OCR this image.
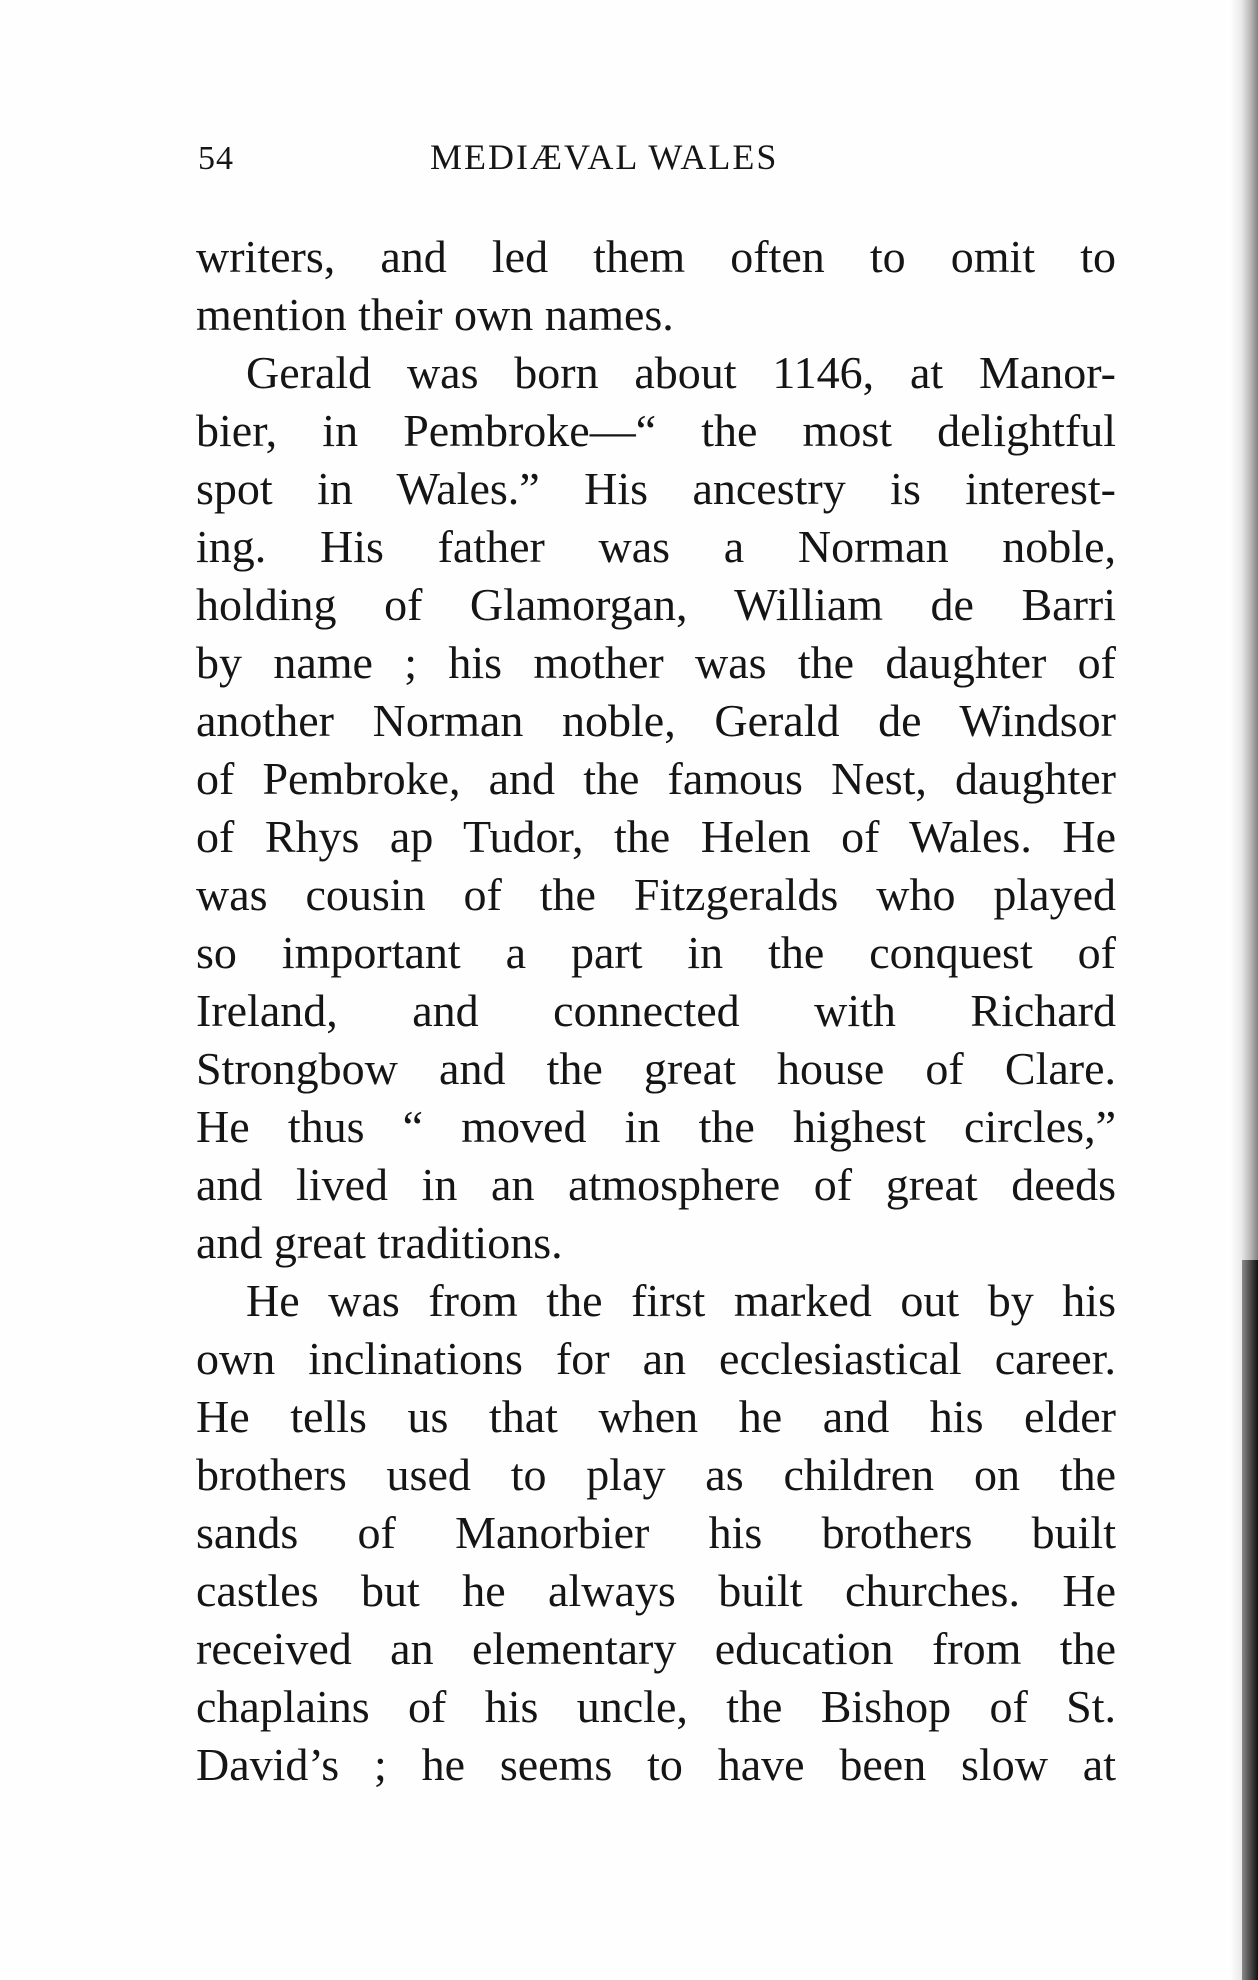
54	MEDIÆVAL WALES
writers, and led them often to omit to
mention their own names.
Gerald was born about 1146, at Manor-
bier, in Pembroke—“ the most delightful
spot in Wales.” His ancestry is interest-
ing. His father was a Norman noble,
holding of Glamorgan, William de Barri
by name ; his mother was the daughter of
another Norman noble, Gerald de Windsor
of Pembroke, and the famous Nest, daughter
of Rhys ap Tudor, the Helen of Wales. He
was cousin of the Fitzgeralds who played
so important a part in the conquest of
Ireland, and connected with Richard
Strongbow and the great house of Clare.
He thus “ moved in the highest circles,”
and lived in an atmosphere of great deeds
and great traditions.
He was from the first marked out by his
own inclinations for an ecclesiastical career.
He tells us that when he and his elder
brothers used to play as children on the
sands of Manorbier his brothers built
castles but he always built churches. He
received an elementary education from the
chaplains of his uncle, the Bishop of St.
David’s ; he seems to have been slow at
